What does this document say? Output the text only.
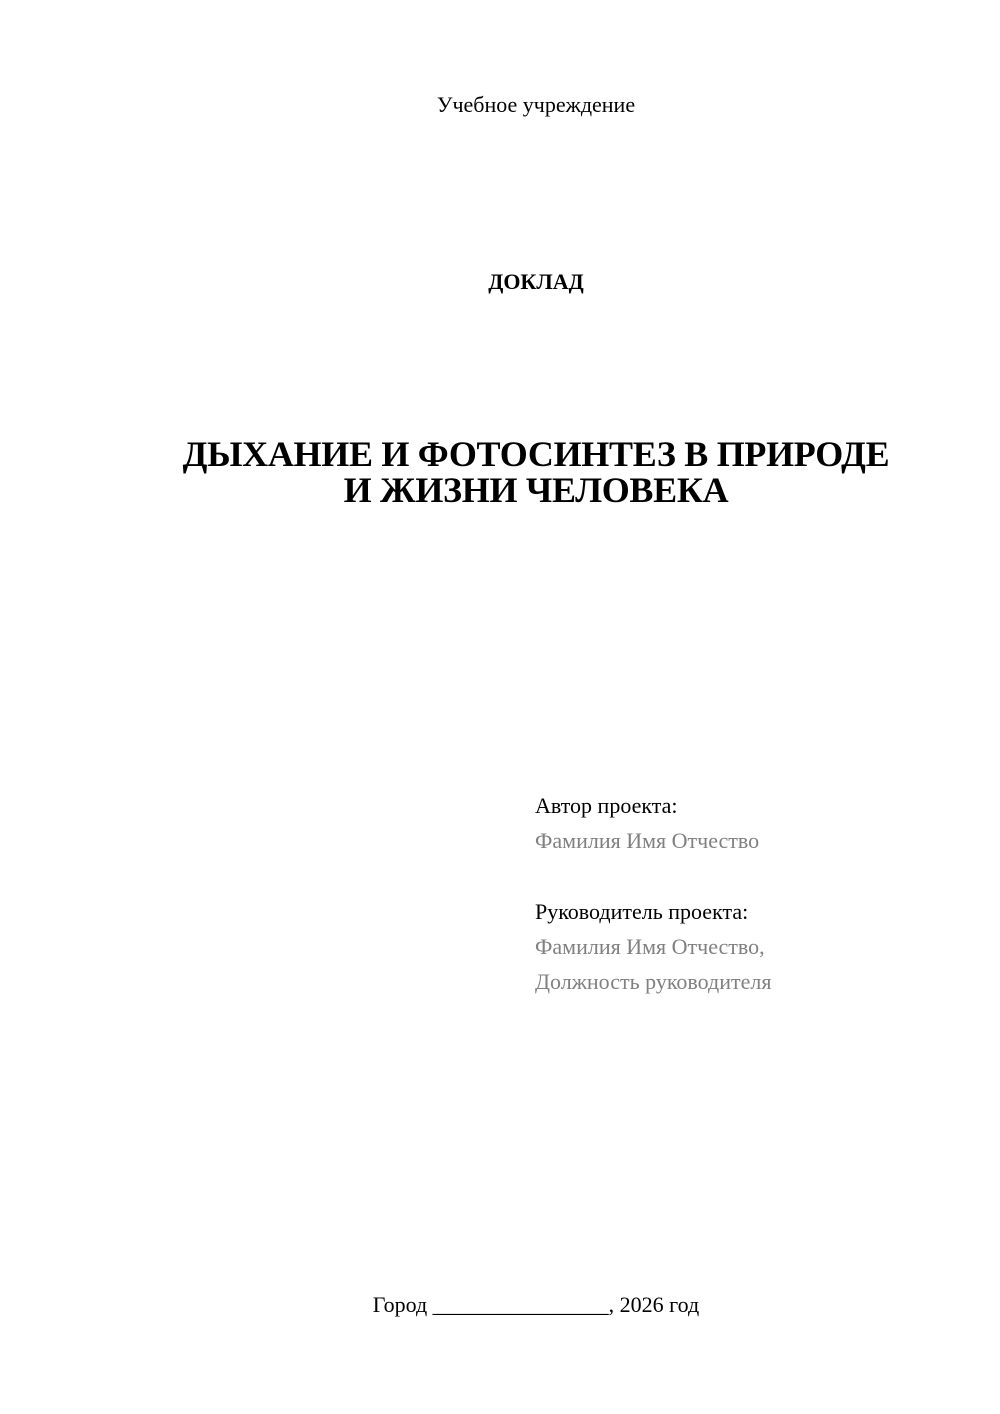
Учебное учреждение
ДОКЛАД
ДЫХАНИЕ И ФОТОСИНТЕЗ В ПРИРОДЕ
И ЖИЗНИ ЧЕЛОВЕКА
Автор проекта:
Фамилия Имя Отчество
Руководитель проекта:
Фамилия Имя Отчество,
Должность руководителя
Город ________________, 2026 год
